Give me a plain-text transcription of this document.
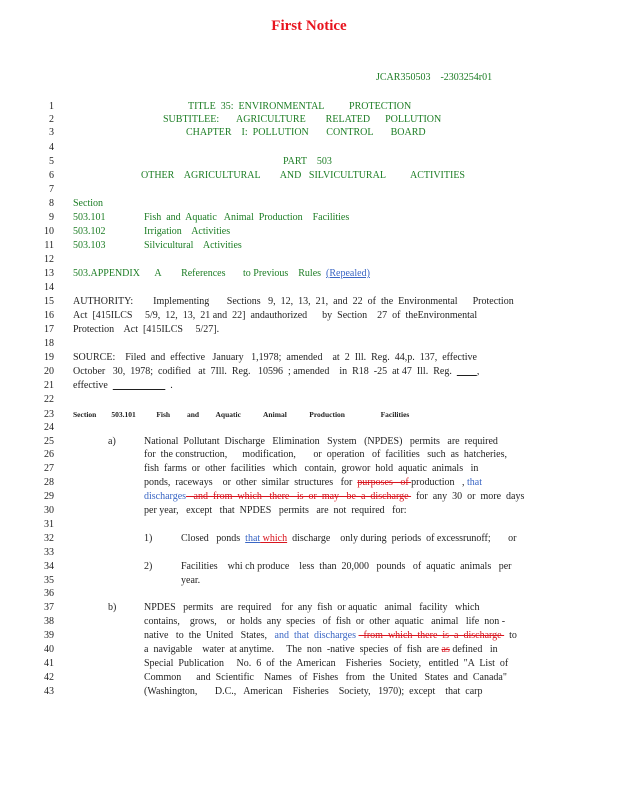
First Notice
JCAR350503    -2303254r01
1
2
3
4
5
6
7
8
9
10
11
12
13
14
15
16
17
18
19
20
21
22
23
24
25
26
27
28
29
30
31
32
33
34
35
36
37
38
39
40
41
42
43
TITLE  35:  ENVIRONMENTAL          PROTECTION
SUBTITLEE:       AGRICULTURE        RELATED      POLLUTION
CHAPTER    I:  POLLUTION       CONTROL       BOARD
PART    503
OTHER    AGRICULTURAL        AND   SILVICULTURAL          ACTIVITIES
Section
503.101	Fish  and  Aquatic   Animal  Production    Facilities
503.102	Irrigation    Activities
503.103	Silvicultural    Activities
503.APPENDIX      A        References       to Previous    Rules  (Repealed)
AUTHORITY:        Implementing       Sections   9,  12,  13,  21,  and  22  of  the  Environmental      Protection
Act  [415ILCS     5/9,  12,  13,  21 and  22]  andauthorized      by  Section    27  of  theEnvironmental
Protection    Act  [415ILCS     5/27].
SOURCE:    Filed  and  effective   January   1,1978;  amended    at  2  Ill.  Reg.  44,p.  137,  effective
October   30,  1978;  codified   at  7Ill.  Reg.   10596  ; amended    in  R18  -25  at 47  Ill.  Reg.          ,
effective	.
Section        503.101           Fish         and         Aquatic            Animal            Production                   Facilities
a)	National  Pollutant  Discharge   Elimination   System   (NPDES)   permits   are  required
for  the construction,      modification,       or  operation   of  facilities   such  as  hatcheries,
fish  farms  or  other  facilities   which   contain,  growor  hold  aquatic  animals   in
ponds,  raceways    or  other  similar  structures   for  purposes   of production   , that
discharges   and  from  which   there   is  or  may   be  a  discharge   for  any  30  or  more  days
per year,   except   that  NPDES   permits   are  not  required   for:
1)	Closed   ponds  that which  discharge    only during  periods  of excessrunoff;       or
2)	Facilities    whi ch produce    less  than  20,000   pounds   of  aquatic  animals   per
year.
b)	NPDES   permits   are  required    for  any  fish  or aquatic   animal   facility   which
contains,    grows,    or  holds  any  species   of  fish  or  other  aquatic   animal   life  non -
native   to  the  United   States,   and  that  discharges   from  which  there  is  a  discharge   to
a  navigable    water  at anytime.     The  non  -native  species  of  fish  are as defined   in
Special  Publication     No.  6  of  the  American    Fisheries   Society,   entitled  "A  List  of
Common      and  Scientific    Names   of  Fishes   from   the  United   States  and  Canada"
(Washington,       D.C.,   American    Fisheries    Society,   1970);  except    that  carp
